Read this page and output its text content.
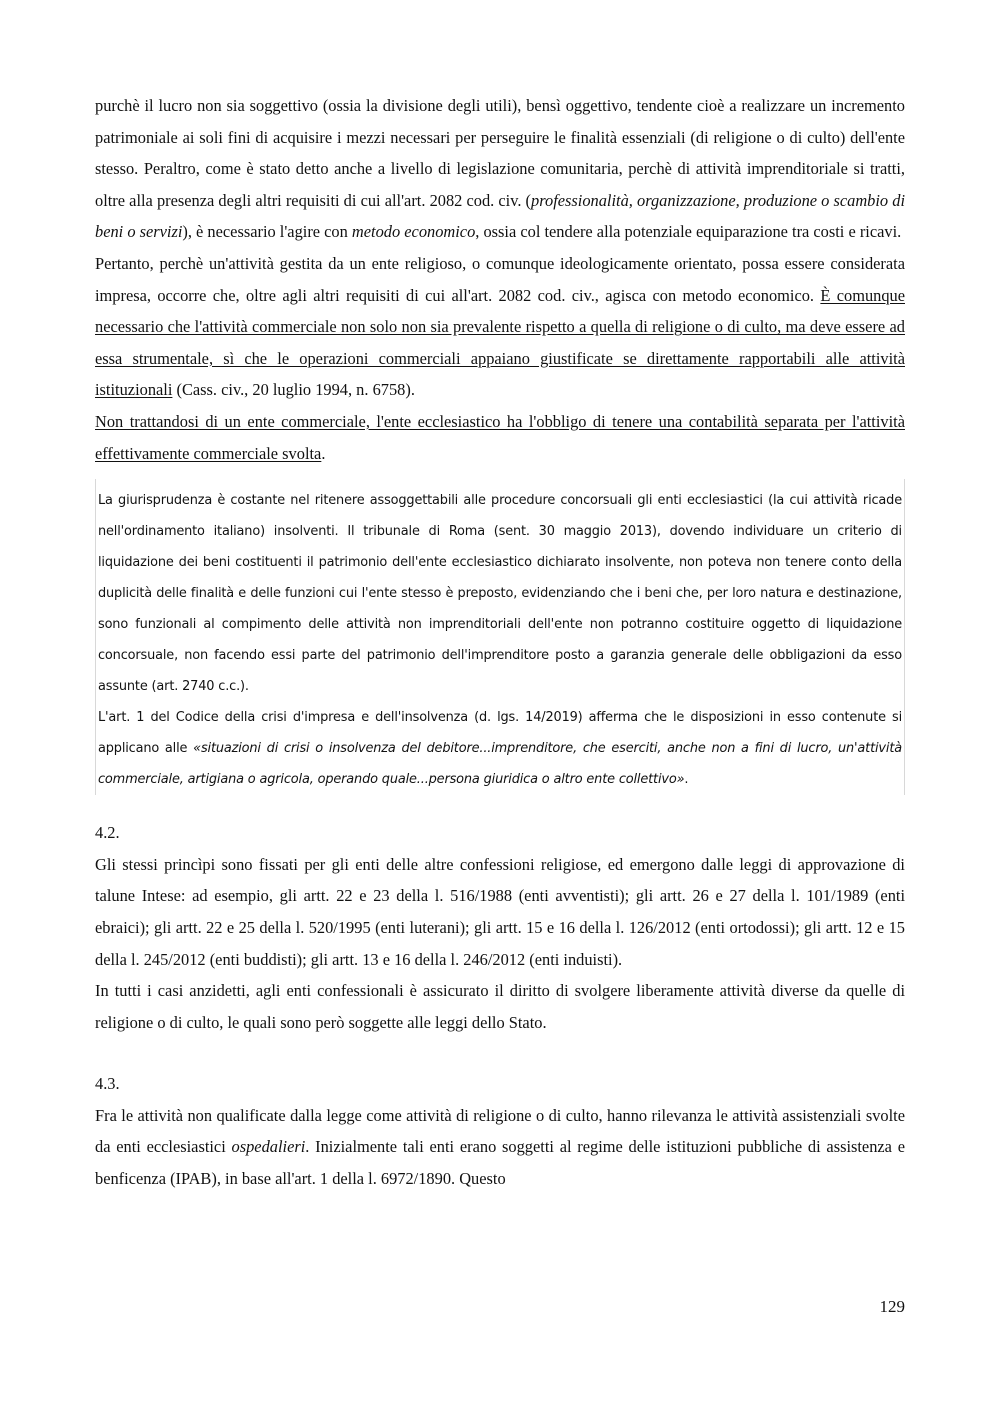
purchè il lucro non sia soggettivo (ossia la divisione degli utili), bensì oggettivo, tendente cioè a realizzare un incremento patrimoniale ai soli fini di acquisire i mezzi necessari per perseguire le finalità essenziali (di religione o di culto) dell'ente stesso. Peraltro, come è stato detto anche a livello di legislazione comunitaria, perchè di attività imprenditoriale si tratti, oltre alla presenza degli altri requisiti di cui all'art. 2082 cod. civ. (professionalità, organizzazione, produzione o scambio di beni o servizi), è necessario l'agire con metodo economico, ossia col tendere alla potenziale equiparazione tra costi e ricavi.

Pertanto, perchè un'attività gestita da un ente religioso, o comunque ideologicamente orientato, possa essere considerata impresa, occorre che, oltre agli altri requisiti di cui all'art. 2082 cod. civ., agisca con metodo economico. È comunque necessario che l'attività commerciale non solo non sia prevalente rispetto a quella di religione o di culto, ma deve essere ad essa strumentale, sì che le operazioni commerciali appaiano giustificate se direttamente rapportabili alle attività istituzionali (Cass. civ., 20 luglio 1994, n. 6758).

Non trattandosi di un ente commerciale, l'ente ecclesiastico ha l'obbligo di tenere una contabilità separata per l'attività effettivamente commerciale svolta.

La giurisprudenza è costante nel ritenere assoggettabili alle procedure concorsuali gli enti ecclesiastici (la cui attività ricade nell'ordinamento italiano) insolventi. Il tribunale di Roma (sent. 30 maggio 2013), dovendo individuare un criterio di liquidazione dei beni costituenti il patrimonio dell'ente ecclesiastico dichiarato insolvente, non poteva non tenere conto della duplicità delle finalità e delle funzioni cui l'ente stesso è preposto, evidenziando che i beni che, per loro natura e destinazione, sono funzionali al compimento delle attività non imprenditoriali dell'ente non potranno costituire oggetto di liquidazione concorsuale, non facendo essi parte del patrimonio dell'imprenditore posto a garanzia generale delle obbligazioni da esso assunte (art. 2740 c.c.).

L'art. 1 del Codice della crisi d'impresa e dell'insolvenza (d. lgs. 14/2019) afferma che le disposizioni in esso contenute si applicano alle «situazioni di crisi o insolvenza del debitore...imprenditore, che eserciti, anche non a fini di lucro, un'attività commerciale, artigiana o agricola, operando quale...persona giuridica o altro ente collettivo».

4.2.

Gli stessi princìpi sono fissati per gli enti delle altre confessioni religiose, ed emergono dalle leggi di approvazione di talune Intese: ad esempio, gli artt. 22 e 23 della l. 516/1988 (enti avventisti); gli artt. 26 e 27 della l. 101/1989 (enti ebraici); gli artt. 22 e 25 della l. 520/1995 (enti luterani); gli artt. 15 e 16 della l. 126/2012 (enti ortodossi); gli artt. 12 e 15 della l. 245/2012 (enti buddisti); gli artt. 13 e 16 della l. 246/2012 (enti induisti).

In tutti i casi anzidetti, agli enti confessionali è assicurato il diritto di svolgere liberamente attività diverse da quelle di religione o di culto, le quali sono però soggette alle leggi dello Stato.

4.3.

Fra le attività non qualificate dalla legge come attività di religione o di culto, hanno rilevanza le attività assistenziali svolte da enti ecclesiastici ospedalieri. Inizialmente tali enti erano soggetti al regime delle istituzioni pubbliche di assistenza e benficenza (IPAB), in base all'art. 1 della l. 6972/1890. Questo

129
